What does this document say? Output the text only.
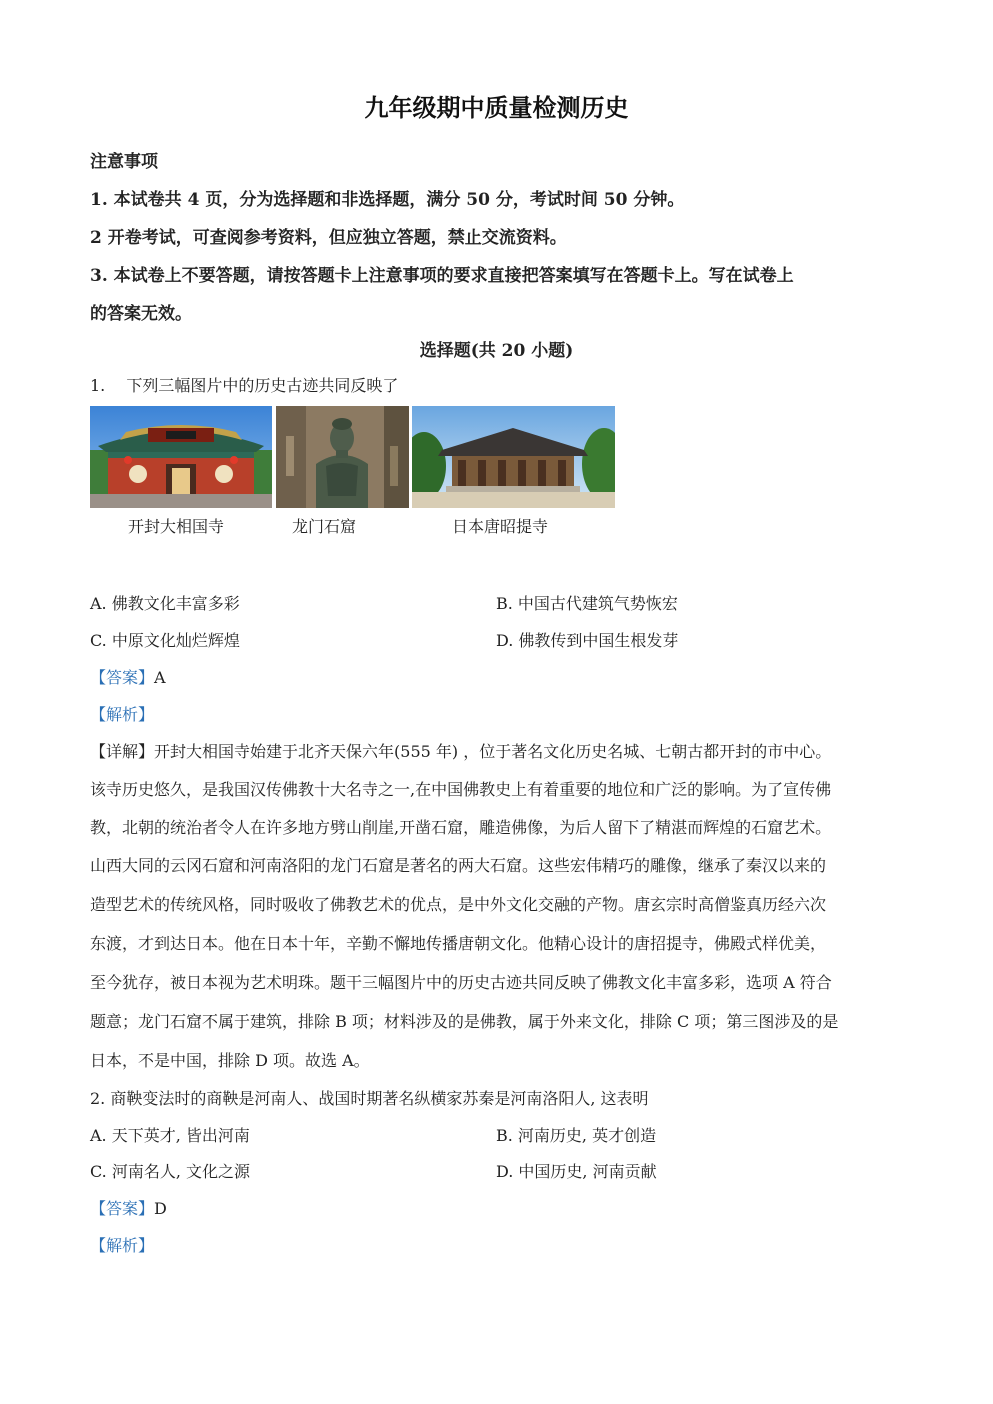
九年级期中质量检测历史
注意事项
1. 本试卷共 4 页，分为选择题和非选择题，满分 50 分，考试时间 50 分钟。
2 开卷考试，可查阅参考资料，但应独立答题，禁止交流资料。
3. 本试卷上不要答题，请按答题卡上注意事项的要求直接把答案填写在答题卡上。写在试卷上
的答案无效。
选择题(共 20 小题)
1.　 下列三幅图片中的历史古迹共同反映了
开封大相国寺	龙门石窟	日本唐昭提寺
A. 佛教文化丰富多彩	B. 中国古代建筑气势恢宏
C. 中原文化灿烂辉煌	D. 佛教传到中国生根发芽
【答案】A
【解析】
【详解】开封大相国寺始建于北齐天保六年(555 年) ，位于著名文化历史名城、七朝古都开封的市中心。
该寺历史悠久，是我国汉传佛教十大名寺之一,在中国佛教史上有着重要的地位和广泛的影响。为了宣传佛
教，北朝的统治者令人在许多地方劈山削崖,开凿石窟，雕造佛像，为后人留下了精湛而辉煌的石窟艺术。
山西大同的云冈石窟和河南洛阳的龙门石窟是著名的两大石窟。这些宏伟精巧的雕像，继承了秦汉以来的
造型艺术的传统风格，同时吸收了佛教艺术的优点，是中外文化交融的产物。唐玄宗时高僧鉴真历经六次
东渡，才到达日本。他在日本十年，辛勤不懈地传播唐朝文化。他精心设计的唐招提寺，佛殿式样优美，
至今犹存，被日本视为艺术明珠。题干三幅图片中的历史古迹共同反映了佛教文化丰富多彩，选项 A 符合
题意；龙门石窟不属于建筑，排除 B 项；材料涉及的是佛教，属于外来文化，排除 C 项；第三图涉及的是
日本，不是中国，排除 D 项。故选 A。
2. 商鞅变法时的商鞅是河南人、战国时期著名纵横家苏秦是河南洛阳人, 这表明
A. 天下英才, 皆出河南	B. 河南历史, 英才创造
C. 河南名人, 文化之源	D. 中国历史, 河南贡献
【答案】D
【解析】
